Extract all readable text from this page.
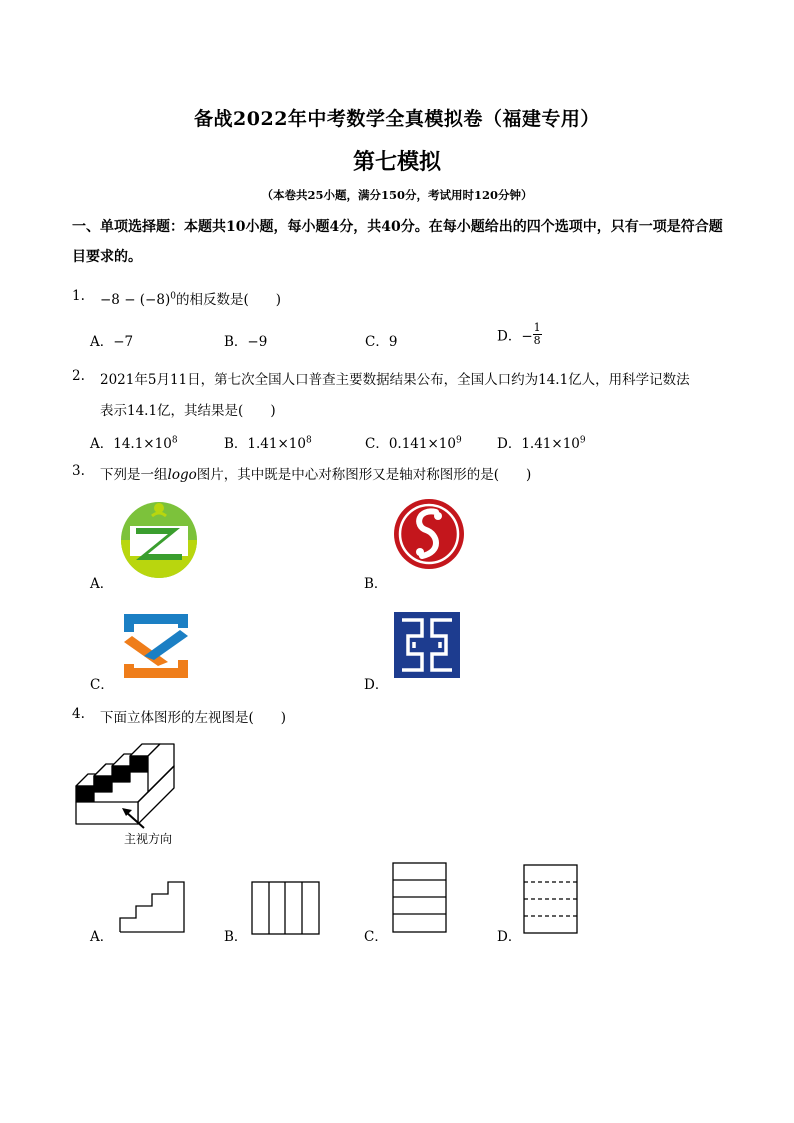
备战2022年中考数学全真模拟卷（福建专用）
第七模拟
（本卷共25小题，满分150分，考试用时120分钟）
一、单项选择题：本题共10小题，每小题4分，共40分。在每小题给出的四个选项中，只有一项是符合题目要求的。
1. $-8 - (-8)^0$的相反数是(　　)
A．−7	B．−9	C．9	D．− $\frac{1}{8}$
2. 2021年5月11日，第七次全国人口普查主要数据结果公布，全国人口约为14.1亿人，用科学记数法
表示14.1亿，其结果是(　　)
A．$14.1\times 10^8$	B．$1.41\times 10^8$	C．$0.141\times 10^9$	D．$1.41\times 10^9$
3. 下列是一组logo图片，其中既是中心对称图形又是轴对称图形的是(　　)
A．	B．
C．	D．
4. 下面立体图形的左视图是(　　)
主视方向
A．	B．	C．	D．
